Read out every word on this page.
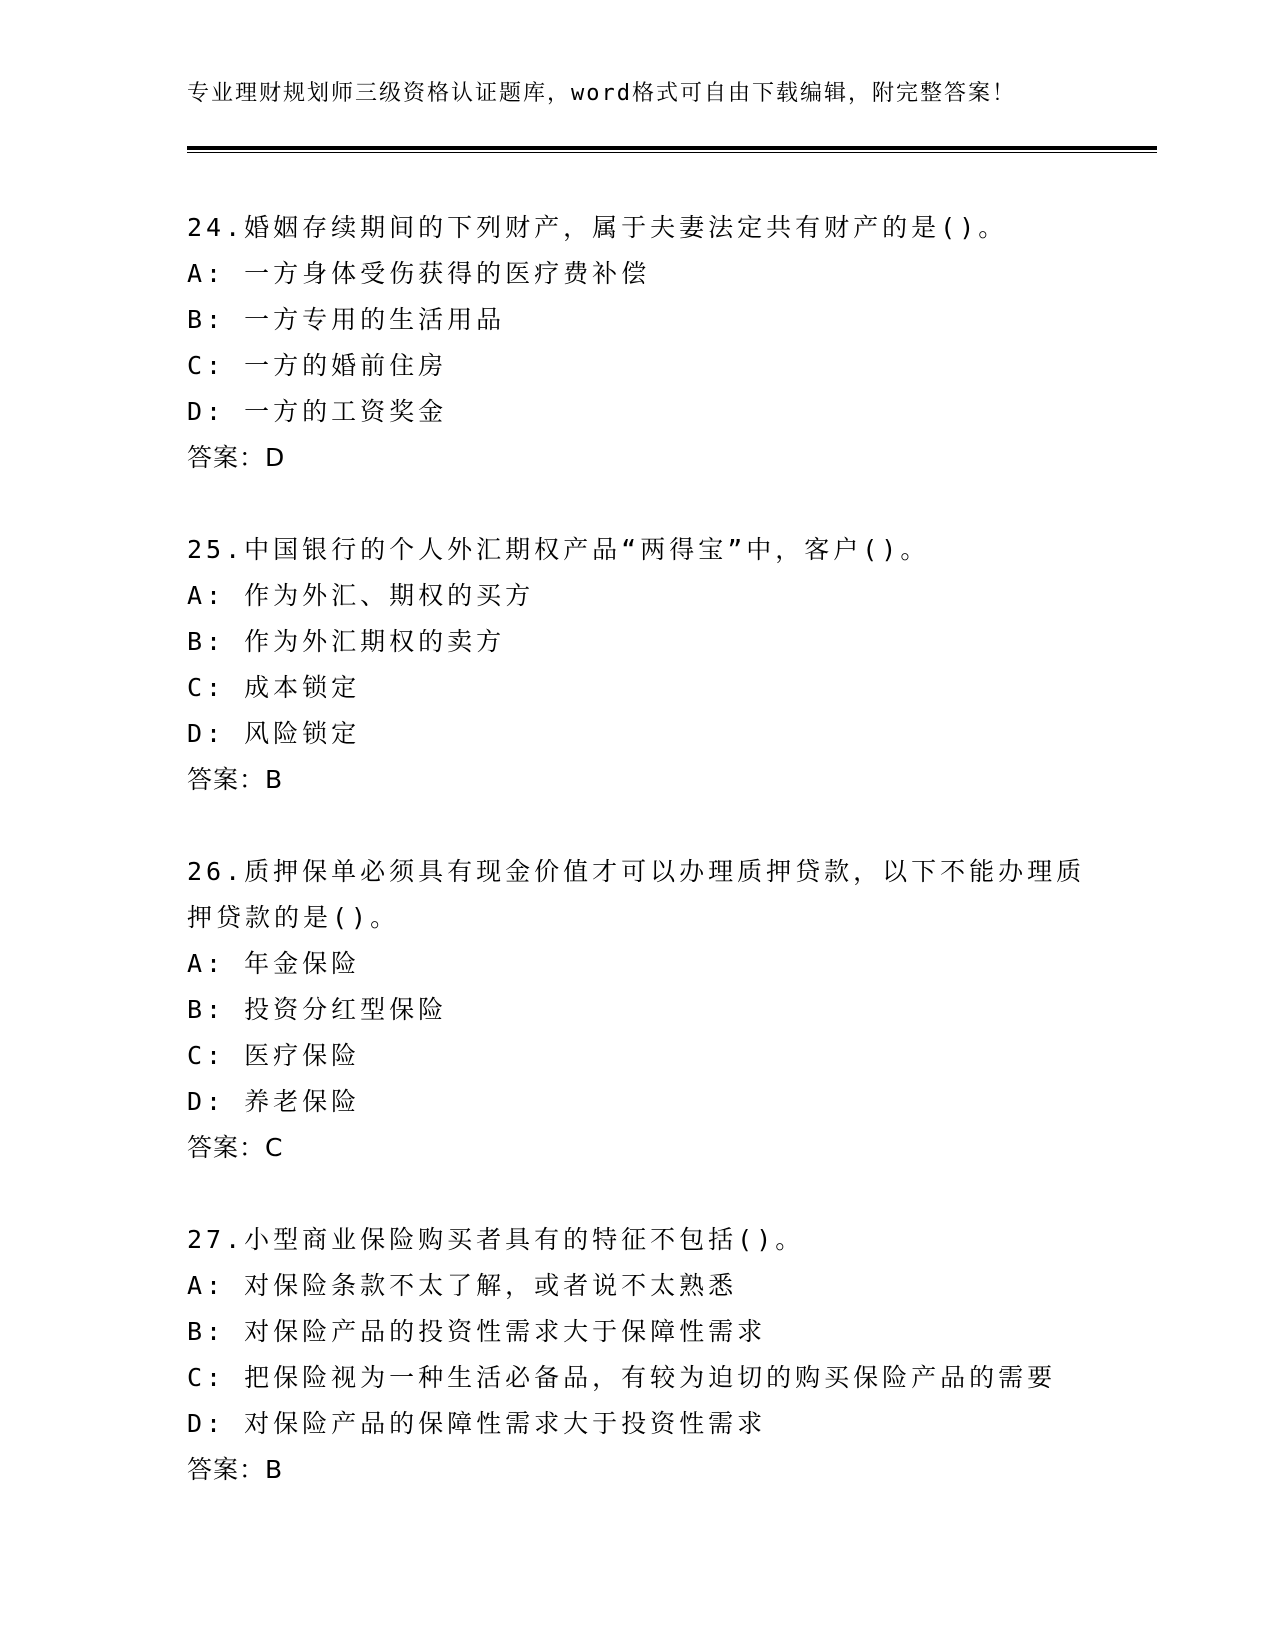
专业理财规划师三级资格认证题库，word格式可自由下载编辑，附完整答案！
24.婚姻存续期间的下列财产，属于夫妻法定共有财产的是()。
A: 一方身体受伤获得的医疗费补偿
B: 一方专用的生活用品
C: 一方的婚前住房
D: 一方的工资奖金
答案：D
25.中国银行的个人外汇期权产品“两得宝”中，客户()。
A: 作为外汇、期权的买方
B: 作为外汇期权的卖方
C: 成本锁定
D: 风险锁定
答案：B
26.质押保单必须具有现金价值才可以办理质押贷款，以下不能办理质
押贷款的是()。
A: 年金保险
B: 投资分红型保险
C: 医疗保险
D: 养老保险
答案：C
27.小型商业保险购买者具有的特征不包括()。
A: 对保险条款不太了解，或者说不太熟悉
B: 对保险产品的投资性需求大于保障性需求
C: 把保险视为一种生活必备品，有较为迫切的购买保险产品的需要
D: 对保险产品的保障性需求大于投资性需求
答案：B
